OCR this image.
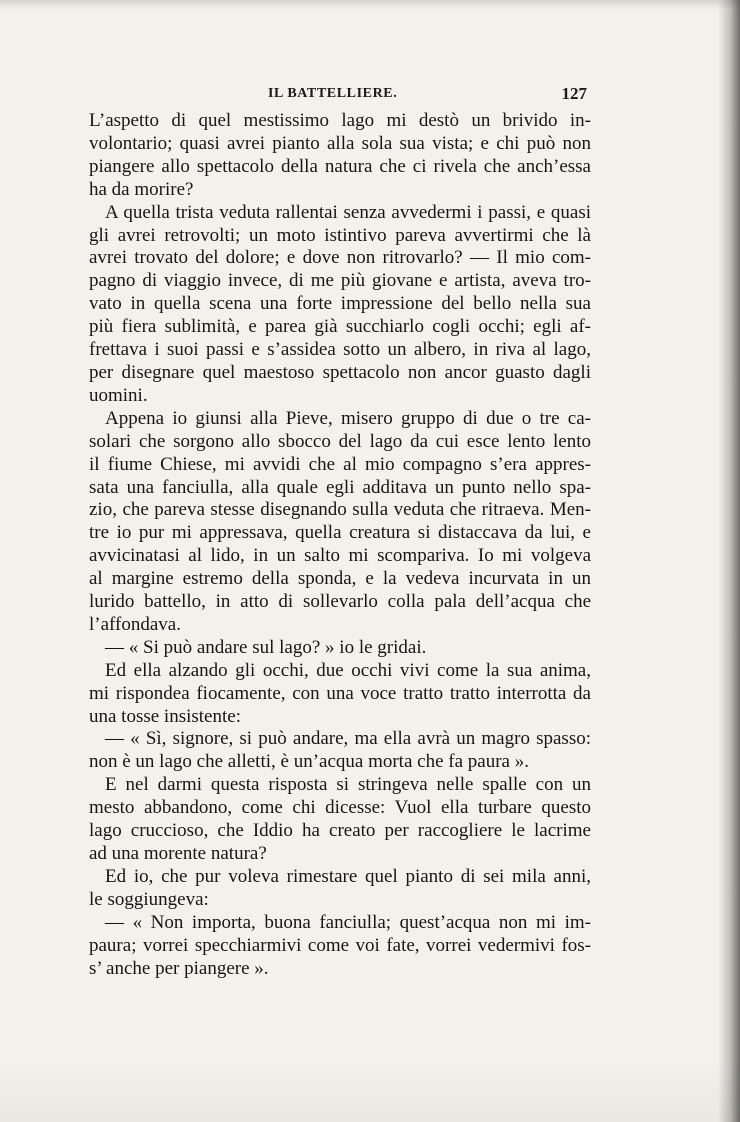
IL BATTELLIERE.	127
L’aspetto di quel mestissimo lago mi destò un brivido in-
volontario; quasi avrei pianto alla sola sua vista; e chi può non
piangere allo spettacolo della natura che ci rivela che anch’essa
ha da morire?
A quella trista veduta rallentai senza avvedermi i passi, e quasi
gli avrei retrovolti; un moto istintivo pareva avvertirmi che là
avrei trovato del dolore; e dove non ritrovarlo? — Il mio com-
pagno di viaggio invece, di me più giovane e artista, aveva tro-
vato in quella scena una forte impressione del bello nella sua
più fiera sublimità, e parea già succhiarlo cogli occhi; egli af-
frettava i suoi passi e s’assidea sotto un albero, in riva al lago,
per disegnare quel maestoso spettacolo non ancor guasto dagli
uomini.
Appena io giunsi alla Pieve, misero gruppo di due o tre ca-
solari che sorgono allo sbocco del lago da cui esce lento lento
il fiume Chiese, mi avvidi che al mio compagno s’era appres-
sata una fanciulla, alla quale egli additava un punto nello spa-
zio, che pareva stesse disegnando sulla veduta che ritraeva. Men-
tre io pur mi appressava, quella creatura si distaccava da lui, e
avvicinatasi al lido, in un salto mi scompariva. Io mi volgeva
al margine estremo della sponda, e la vedeva incurvata in un
lurido battello, in atto di sollevarlo colla pala dell’acqua che
l’affondava.
— « Si può andare sul lago? » io le gridai.
Ed ella alzando gli occhi, due occhi vivi come la sua anima,
mi rispondea fiocamente, con una voce tratto tratto interrotta da
una tosse insistente:
— « Sì, signore, si può andare, ma ella avrà un magro spasso:
non è un lago che alletti, è un’acqua morta che fa paura ».
E nel darmi questa risposta si stringeva nelle spalle con un
mesto abbandono, come chi dicesse: Vuol ella turbare questo
lago cruccioso, che Iddio ha creato per raccogliere le lacrime
ad una morente natura?
Ed io, che pur voleva rimestare quel pianto di sei mila anni,
le soggiungeva:
— « Non importa, buona fanciulla; quest’acqua non mi im-
paura; vorrei specchiarmivi come voi fate, vorrei vedermivi fos-
s’ anche per piangere ».
